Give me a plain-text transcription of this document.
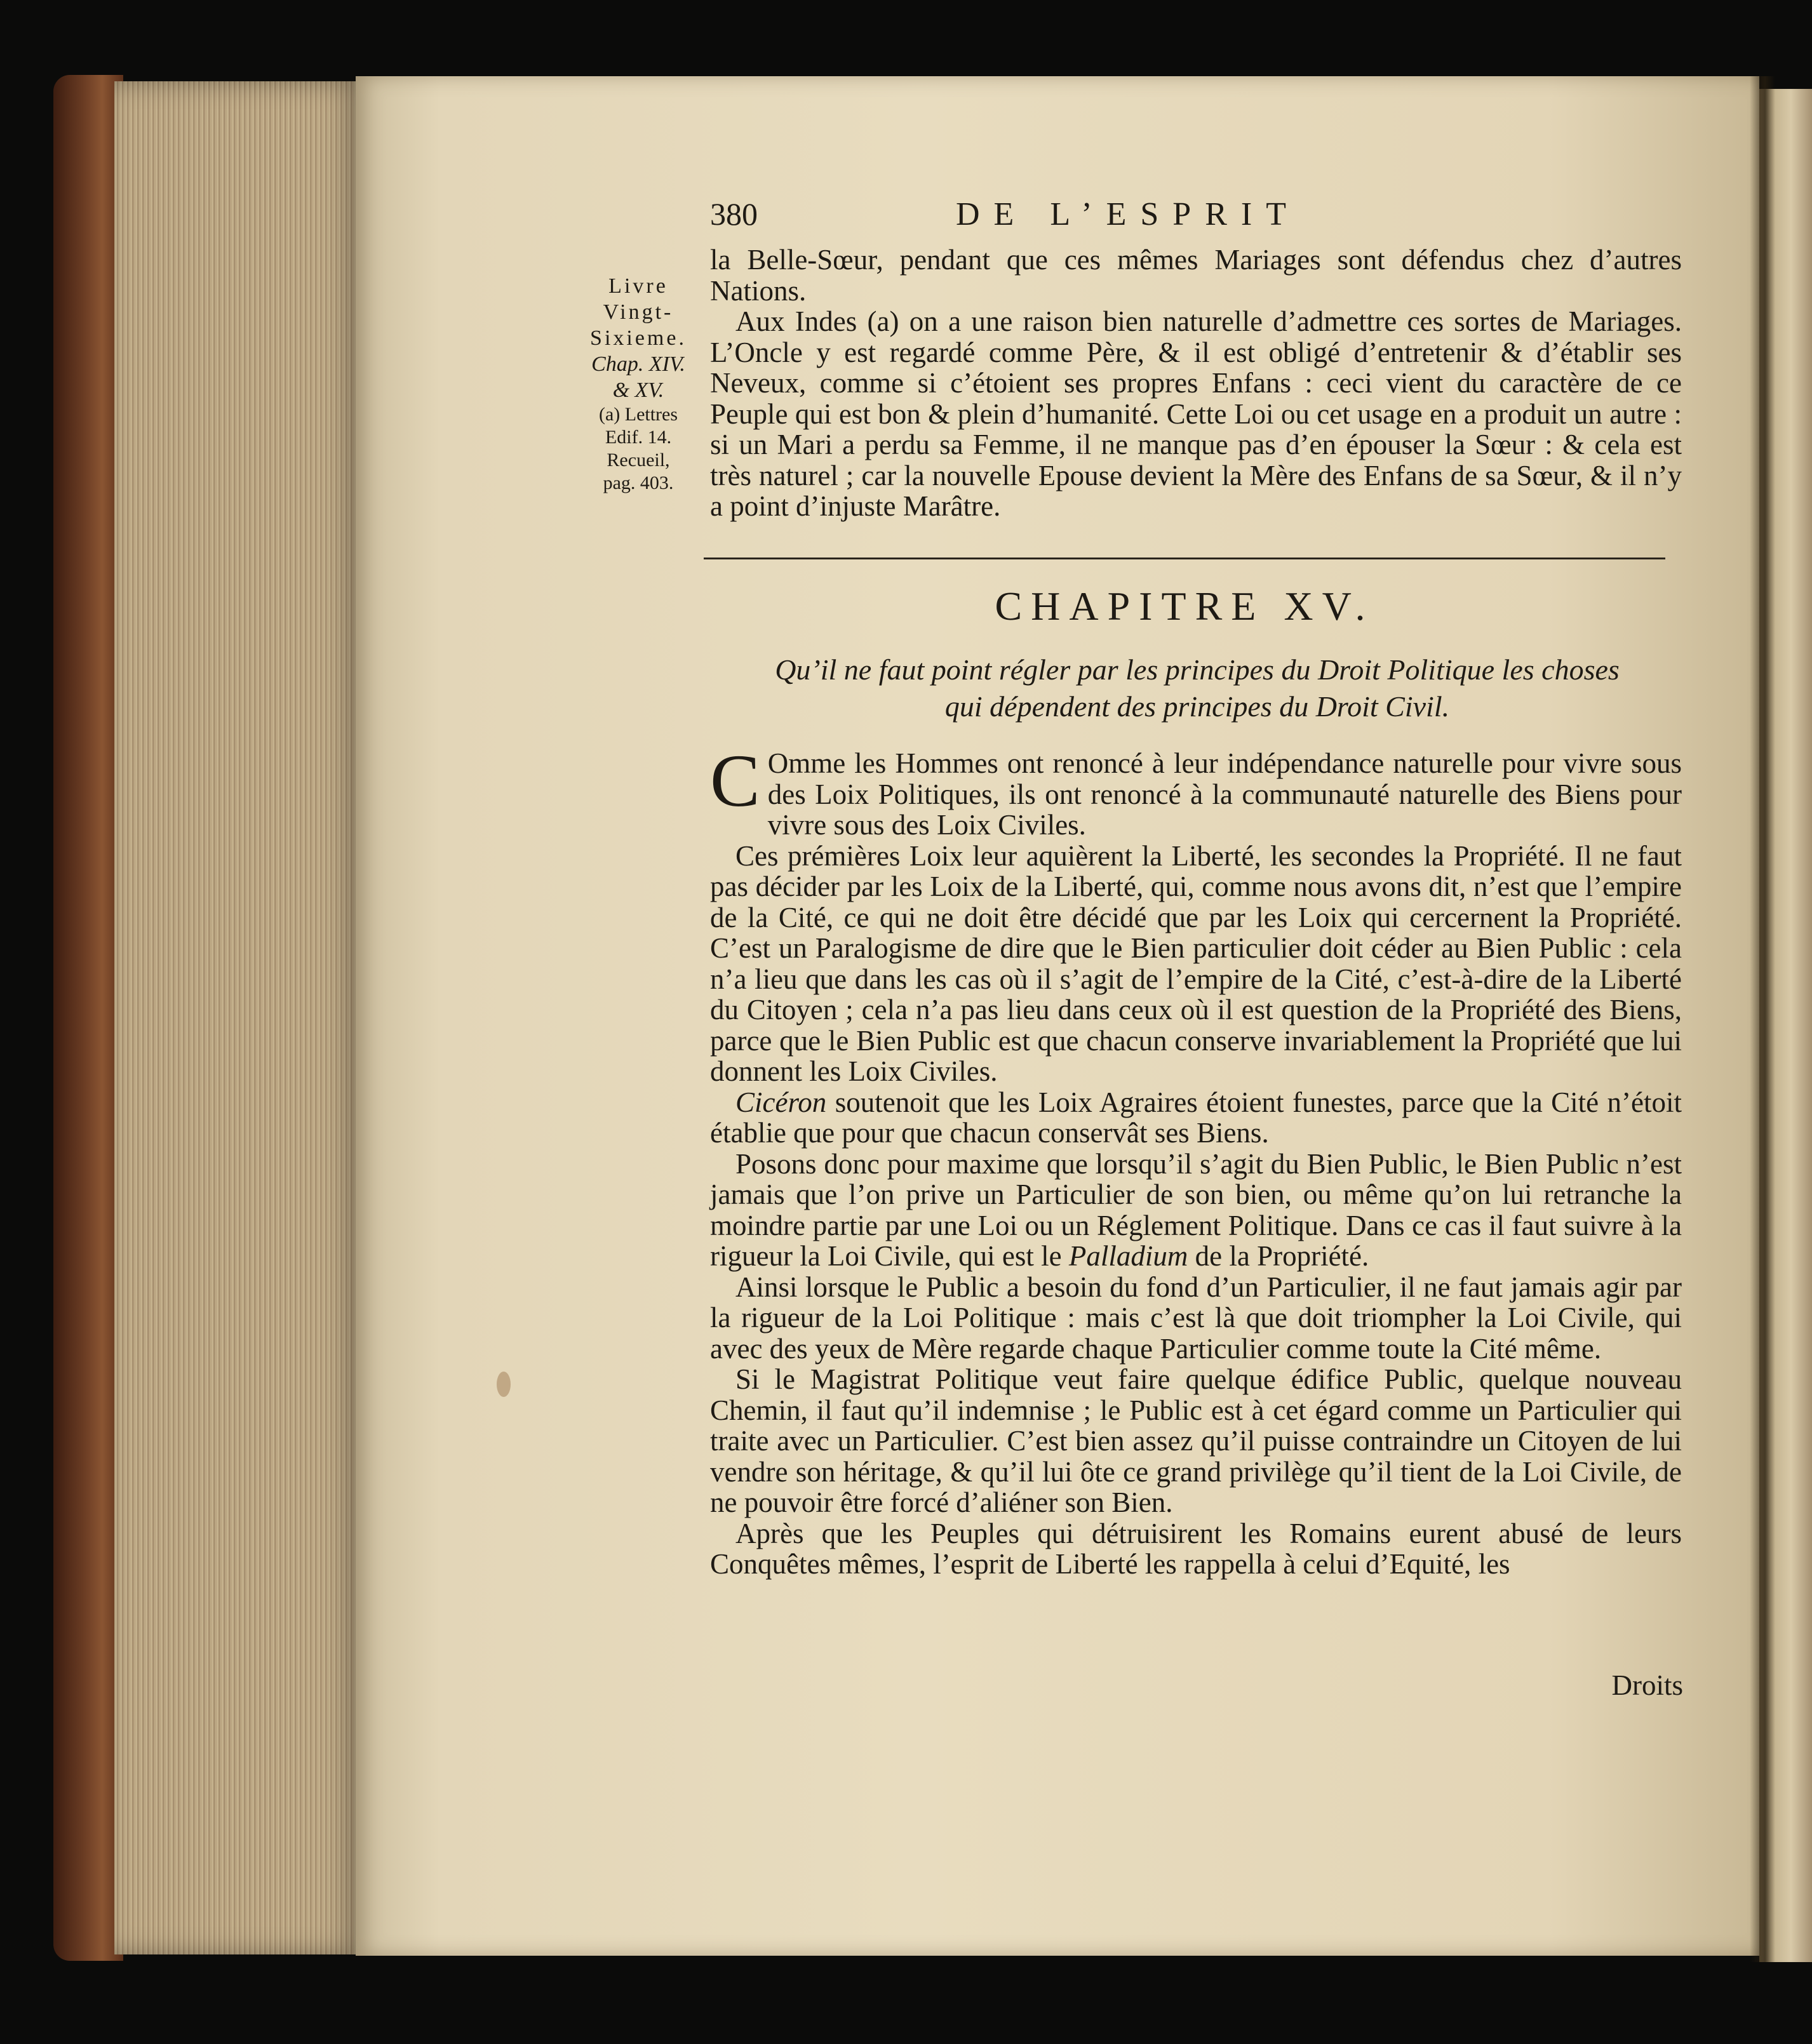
380	DE L’ESPRIT
Livre
Vingt-
Sixieme.
Chap. XIV.
& XV.
(a) Lettres
Edif. 14.
Recueil,
pag. 403.

la Belle-Sœur, pendant que ces mêmes Mariages sont défendus chez d’autres Nations.

Aux Indes (a) on a une raison bien naturelle d’admettre ces sortes de Mariages. L’Oncle y est regardé comme Père, & il est obligé d’entretenir & d’établir ses Neveux, comme si c’étoient ses propres Enfans : ceci vient du caractère de ce Peuple qui est bon & plein d’humanité. Cette Loi ou cet usage en a produit un autre : si un Mari a perdu sa Femme, il ne manque pas d’en épouser la Sœur : & cela est très naturel ; car la nouvelle Epouse devient la Mère des Enfans de sa Sœur, & il n’y a point d’injuste Marâtre.

CHAPITRE XV.
Qu’il ne faut point régler par les principes du Droit Politique les choses
qui dépendent des principes du Droit Civil.

C Omme les Hommes ont renoncé à leur indépendance naturelle pour vivre sous des Loix Politiques, ils ont renoncé à la communauté naturelle des Biens pour vivre sous des Loix Civiles.

Ces prémières Loix leur aquièrent la Liberté, les secondes la Propriété. Il ne faut pas décider par les Loix de la Liberté, qui, comme nous avons dit, n’est que l’empire de la Cité, ce qui ne doit être décidé que par les Loix qui cercernent la Propriété. C’est un Paralogisme de dire que le Bien particulier doit céder au Bien Public : cela n’a lieu que dans les cas où il s’agit de l’empire de la Cité, c’est-à-dire de la Liberté du Citoyen ; cela n’a pas lieu dans ceux où il est question de la Propriété des Biens, parce que le Bien Public est que chacun conserve invariablement la Propriété que lui donnent les Loix Civiles.

Cicéron soutenoit que les Loix Agraires étoient funestes, parce que la Cité n’étoit établie que pour que chacun conservât ses Biens.

Posons donc pour maxime que lorsqu’il s’agit du Bien Public, le Bien Public n’est jamais que l’on prive un Particulier de son bien, ou même qu’on lui retranche la moindre partie par une Loi ou un Réglement Politique. Dans ce cas il faut suivre à la rigueur la Loi Civile, qui est le Palladium de la Propriété.

Ainsi lorsque le Public a besoin du fond d’un Particulier, il ne faut jamais agir par la rigueur de la Loi Politique : mais c’est là que doit triompher la Loi Civile, qui avec des yeux de Mère regarde chaque Particulier comme toute la Cité même.

Si le Magistrat Politique veut faire quelque édifice Public, quelque nouveau Chemin, il faut qu’il indemnise ; le Public est à cet égard comme un Particulier qui traite avec un Particulier. C’est bien assez qu’il puisse contraindre un Citoyen de lui vendre son héritage, & qu’il lui ôte ce grand privilège qu’il tient de la Loi Civile, de ne pouvoir être forcé d’aliéner son Bien.

Après que les Peuples qui détruisirent les Romains eurent abusé de leurs Conquêtes mêmes, l’esprit de Liberté les rappella à celui d’Equité, les

Droits
